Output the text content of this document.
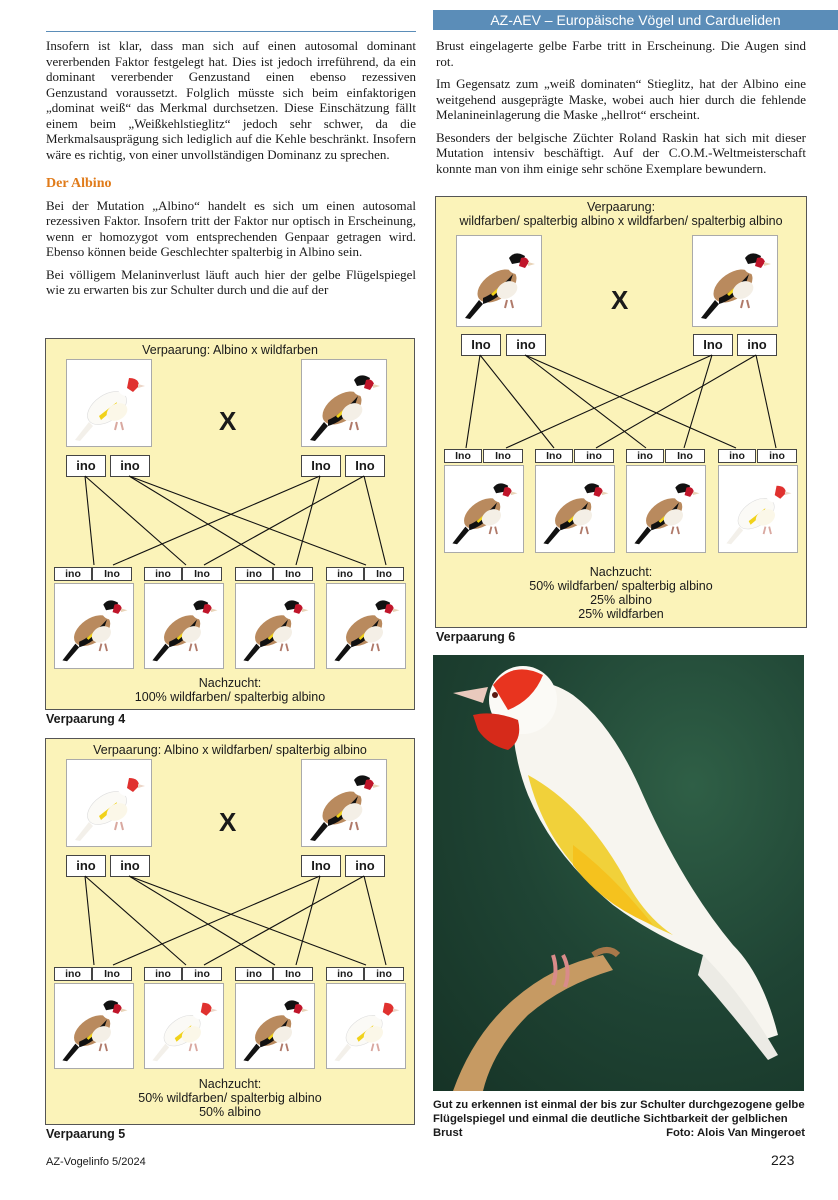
AZ-AEV – Europäische Vögel und Cardueliden

Insofern ist klar, dass man sich auf einen autosomal dominant vererbenden Faktor festgelegt hat. Dies ist jedoch irreführend, da ein dominant vererbender Genzustand einen ebenso rezessiven Genzustand voraussetzt. Folglich müsste sich beim einfaktorigen „dominat weiß“ das Merkmal durchsetzen. Diese Einschätzung fällt einem beim „Weißkehlstieglitz“ jedoch sehr schwer, da die Merkmalsausprägung sich lediglich auf die Kehle beschränkt. Insofern wäre es richtig, von einer unvollständigen Dominanz zu sprechen.

Der Albino

Bei der Mutation „Albino“ handelt es sich um einen autosomal rezessiven Faktor. Insofern tritt der Faktor nur optisch in Erscheinung, wenn er homozygot vom entsprechenden Genpaar getragen wird. Ebenso können beide Geschlechter spalterbig in Albino sein.

Bei völligem Melaninverlust läuft auch hier der gelbe Flügelspiegel wie zu erwarten bis zur Schulter durch und die auf der

Brust eingelagerte gelbe Farbe tritt in Erscheinung. Die Augen sind rot.

Im Gegensatz zum „weiß dominaten“ Stieglitz, hat der Albino eine weitgehend ausgeprägte Maske, wobei auch hier durch die fehlende Melanineinlagerung die Maske „hellrot“ erscheint.

Besonders der belgische Züchter Roland Raskin hat sich mit dieser Mutation intensiv beschäftigt. Auf der C.O.M.-Weltmeisterschaft konnte man von ihm einige sehr schöne Exemplare bewundern.

Verpaarung: Albino x wildfarben
X
ino	ino	Ino	Ino
ino	Ino	ino	Ino	ino	Ino	ino	Ino
Nachzucht:
100% wildfarben/ spalterbig albino
Verpaarung 4
Verpaarung: Albino x wildfarben/ spalterbig albino
X
ino	ino	Ino	ino
ino	Ino	ino	ino	ino	Ino	ino	ino
Nachzucht:
50% wildfarben/ spalterbig albino
50% albino
Verpaarung 5
Verpaarung:
wildfarben/ spalterbig albino x wildfarben/ spalterbig albino
X
Ino	ino	Ino	ino
Ino	Ino	Ino	ino	ino	Ino	ino	ino
Nachzucht:
50% wildfarben/ spalterbig albino
25% albino
25% wildfarben
Verpaarung 6
Gut zu erkennen ist einmal der bis zur Schulter durchgezogene gelbe Flügelspiegel und einmal die deutliche Sichtbarkeit der gelblichen Brust	Foto: Alois Van Mingeroet
AZ-Vogelinfo 5/2024	223
